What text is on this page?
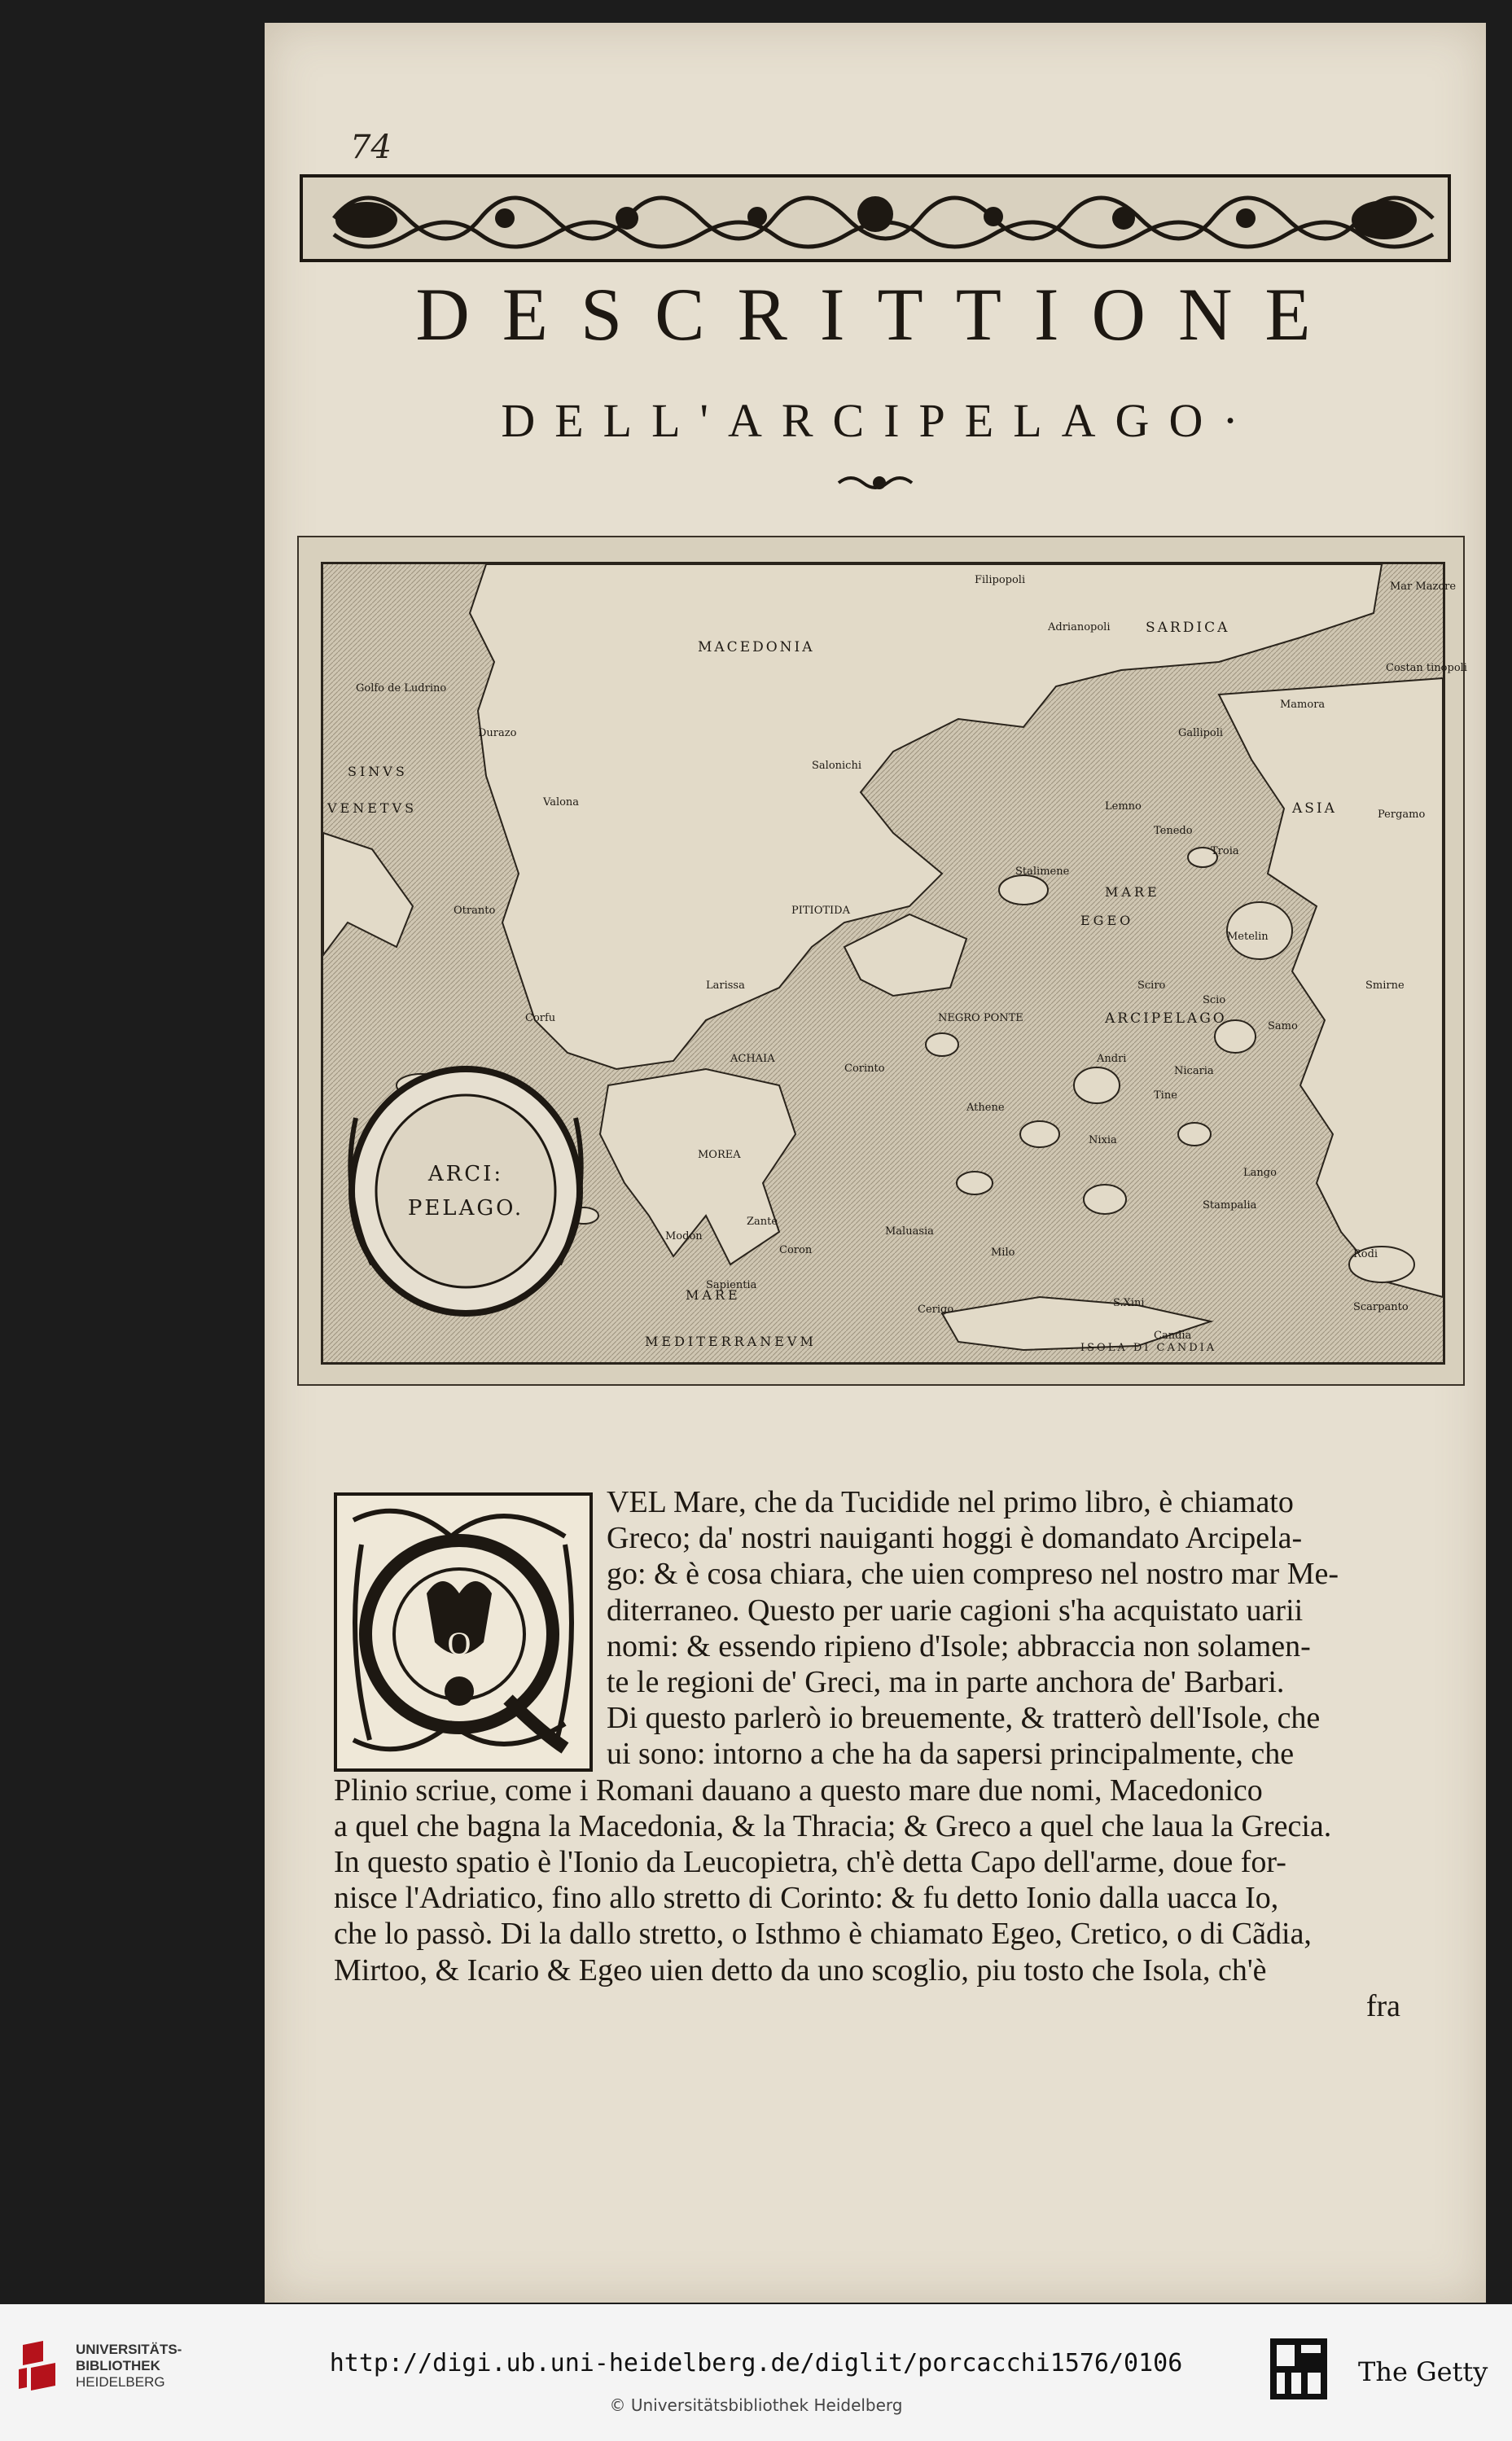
74
DESCRITTIONE
DELL'ARCIPELAGO·
ARCI:
PELAGO.
MACEDONIA
SARDICA
SINVS
VENETVS
MARE
EGEO
ARCIPELAGO
MARE
MEDITERRANEVM	ISOLA DI CANDIA
ASIA
MOREA
ACHAIA
PITIOTIDA
Golfo de Ludrino
Corfu
Zante
Cerigo
NEGRO PONTE
Lemno
Metelin
Scio
Samo
Nicaria
Rodi
Candia
Salonichi
Filipopoli
Adrianopoli
Costan tinopoli
Mar Mazore
Otranto
Durazo
Valona
Larissa
Athene
Corinto
Modon
Coron
Maluasia
Sapientia
Smirne
Pergamo
Tenedo
Troia
Mamora
Gallipoli
Stalimene
Andri
Tine
Nixia
Milo
Sciro
S.Xini	Scarpanto
Stampalia
Lango
Q
VEL Mare, che da Tucidide nel primo libro, è chiamato
Greco; da' nostri nauiganti hoggi è domandato Arcipela-
go: & è cosa chiara, che uien compreso nel nostro mar Me-
diterraneo. Questo per uarie cagioni s'ha acquistato uarii
nomi: & essendo ripieno d'Isole; abbraccia non solamen-
te le regioni de' Greci, ma in parte anchora de' Barbari.
Di questo parlerò io breuemente, & tratterò dell'Isole, che
ui sono: intorno a che ha da sapersi principalmente, che
Plinio scriue, come i Romani dauano a questo mare due nomi, Macedonico
a quel che bagna la Macedonia, & la Thracia; & Greco a quel che laua la Grecia.
In questo spatio è l'Ionio da Leucopietra, ch'è detta Capo dell'arme, doue for-
nisce l'Adriatico, fino allo stretto di Corinto: & fu detto Ionio dalla uacca Io,
che lo passò. Di la dallo stretto, o Isthmo è chiamato Egeo, Cretico, o di Cãdia,
Mirtoo, & Icario & Egeo uien detto da uno scoglio, piu tosto che Isola, ch'è
fra
UNIVERSITÄTS-
BIBLIOTHEK
HEIDELBERG
http://digi.ub.uni-heidelberg.de/diglit/porcacchi1576/0106
© Universitätsbibliothek Heidelberg
The Getty
